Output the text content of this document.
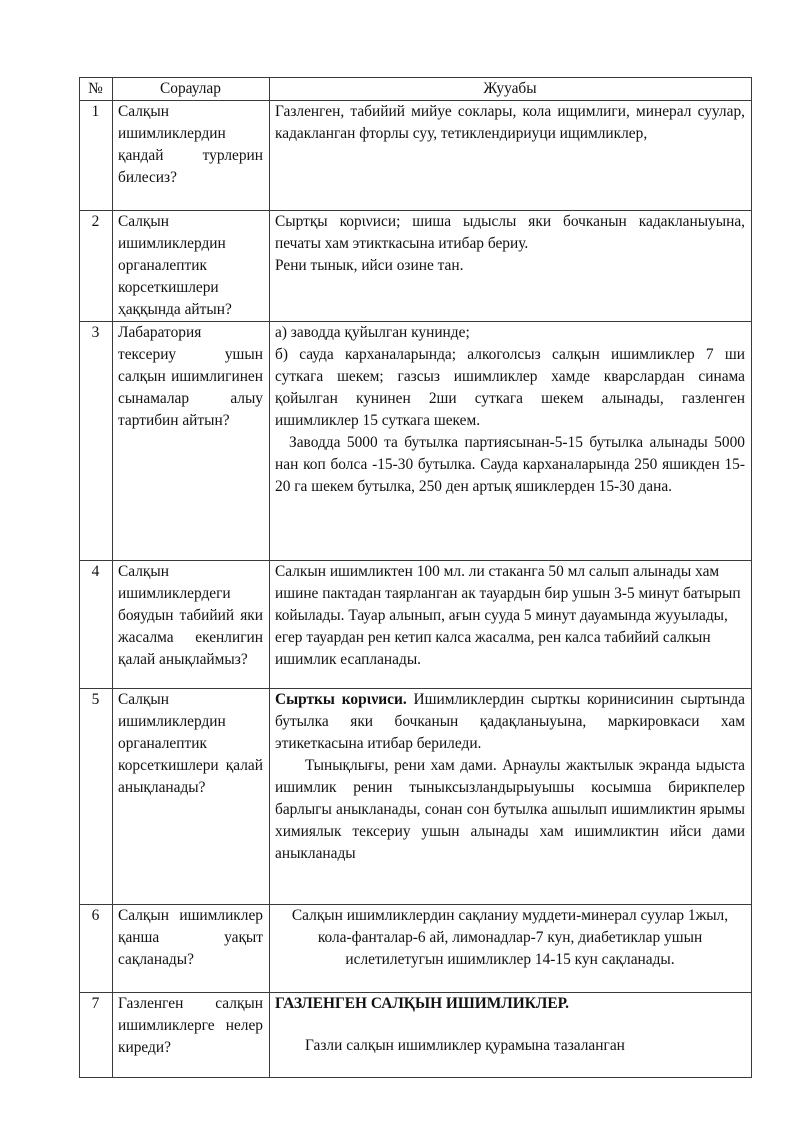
№	Сораулар	Жууабы
1	Салқын ишимликлердин қандай турлерин билесиз?	Газленген, табийий мийуе соклары, кола ищимлиги, минерал суулар, кадакланган фторлы суу, тетиклендириуци ищимликлер,

2	Салқын ишимликлердин органалептик корсеткишлери ҳаққында айтын?	Сыртқы корινиси; шиша ыдыслы яки бочканын кадакланыуына, печаты хам этикткасына итибар бериу.

Рени тынык, ийси озине тан.

3	Лабаратория тексериу ушын салқын ишимлигинен сынамалар алыу тартибин айтын?	а) заводда қуйылган кунинде;

б) сауда карханаларында; алкоголсыз салқын ишимликлер 7 ши суткага шекем; газсыз ишимликлер хамде кварслардан синама қойылган кунинен 2ши суткага шекем алынады, газленген ишимликлер 15 суткага шекем.

Заводда 5000 та бутылка партиясынан-5-15 бутылка алынады 5000 нан коп болса -15-30 бутылка. Сауда карханаларында 250 яшикден 15-20 га шекем бутылка, 250 ден артық яшиклерден 15-30 дана.

4	Салқын ишимликлердеги бояудын табийий яки жасалма екенлигин қалай анықлаймыз?	Салкын ишимликтен 100 мл. ли стаканга 50 мл салып алынады хам ишине пактадан таярланган ак тауардын бир ушын 3-5 минут батырып койылады. Тауар алынып, ағын сууда 5 минут дауамында жууылады, егер тауардан рен кетип калса жасалма, рен калса табийий салкын ишимлик есапланады.

5	Салқын ишимликлердин органалептик корсеткишлери қалай анықланады?	Сырткы корινиси. Ишимликлердин сырткы коринисинин сыртында бутылка яки бочканын қадақланыуына, маркировкаси хам этикеткасына итибар бериледи.

Тынықлығы, рени хам дами. Арнаулы жактылык экранда ыдыста ишимлик ренин тыныксызландырыуышы косымша бирикпелер барлыгы аныкланады, сонан сон бутылка ашылып ишимликтин ярымы химиялык тексериу ушын алынады хам ишимликтин ийси дами аныкланады

6	Салқын ишимликлер қанша уақыт сақланады?	Салқын ишимликлердин сақланиу муддети-минерал суулар 1жыл, кола-фанталар-6 ай, лимонадлар-7 кун, диабетиклар ушын ислетилетугын ишимликлер 14-15 кун сақланады.

7	Газленген салқын ишимликлерге нелер киреди?	ГАЗЛЕНГЕН САЛҚЫН ИШИМЛИКЛЕР.

Газли салқын ишимликлер қурамына тазаланган
